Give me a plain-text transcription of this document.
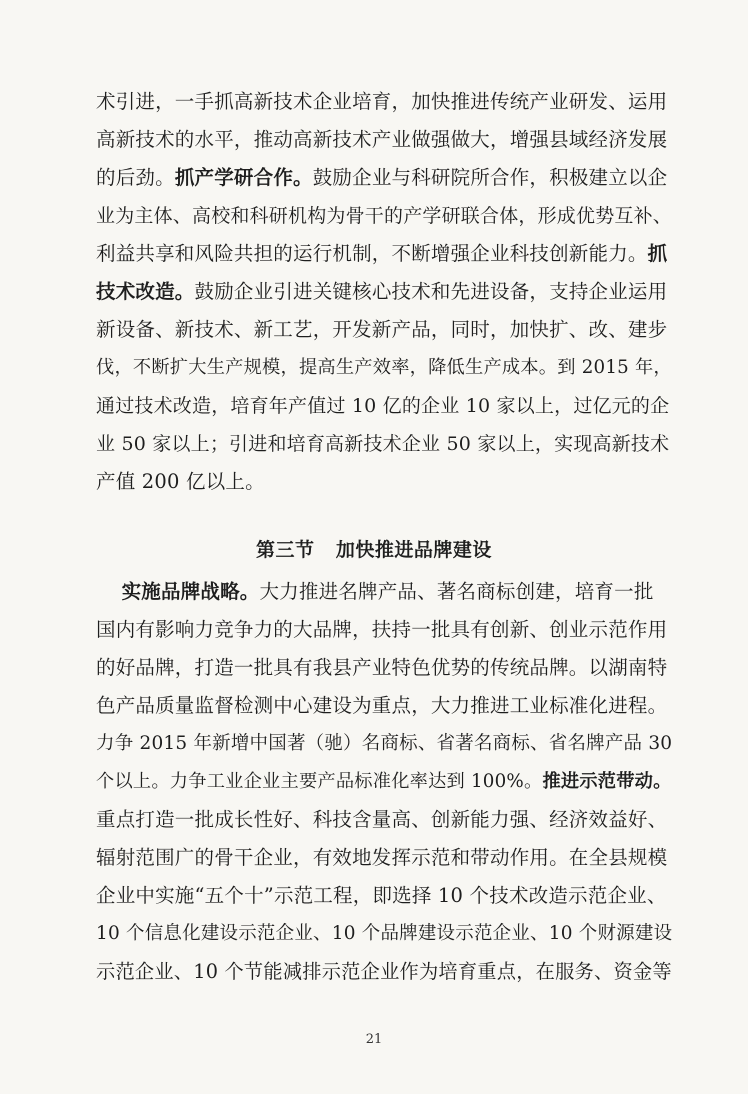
术引进，一手抓高新技术企业培育，加快推进传统产业研发、运用
高新技术的水平，推动高新技术产业做强做大，增强县域经济发展
的后劲。抓产学研合作。鼓励企业与科研院所合作，积极建立以企
业为主体、高校和科研机构为骨干的产学研联合体，形成优势互补、
利益共享和风险共担的运行机制，不断增强企业科技创新能力。抓
技术改造。鼓励企业引进关键核心技术和先进设备，支持企业运用
新设备、新技术、新工艺，开发新产品，同时，加快扩、改、建步
伐，不断扩大生产规模，提高生产效率，降低生产成本。到 2015 年，
通过技术改造，培育年产值过 10 亿的企业 10 家以上，过亿元的企
业 50 家以上；引进和培育高新技术企业 50 家以上，实现高新技术
产值 200 亿以上。
第三节 加快推进品牌建设
实施品牌战略。大力推进名牌产品、著名商标创建，培育一批
国内有影响力竞争力的大品牌，扶持一批具有创新、创业示范作用
的好品牌，打造一批具有我县产业特色优势的传统品牌。以湖南特
色产品质量监督检测中心建设为重点，大力推进工业标准化进程。
力争 2015 年新增中国著（驰）名商标、省著名商标、省名牌产品 30
个以上。力争工业企业主要产品标准化率达到 100%。推进示范带动。
重点打造一批成长性好、科技含量高、创新能力强、经济效益好、
辐射范围广的骨干企业，有效地发挥示范和带动作用。在全县规模
企业中实施“五个十”示范工程，即选择 10 个技术改造示范企业、
10 个信息化建设示范企业、10 个品牌建设示范企业、10 个财源建设
示范企业、10 个节能减排示范企业作为培育重点，在服务、资金等
21
